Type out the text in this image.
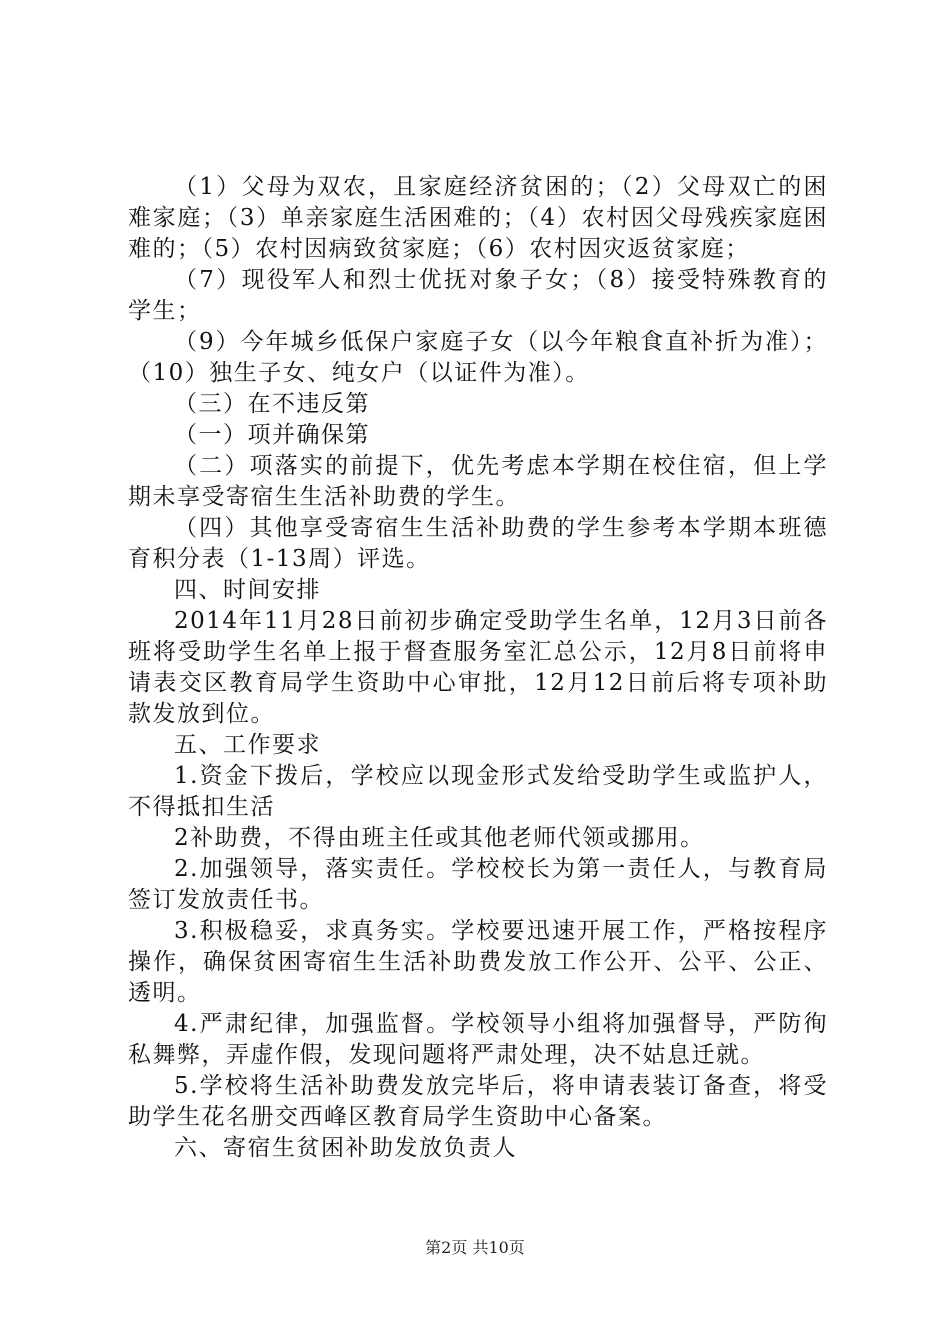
（1）父母为双农，且家庭经济贫困的；（2）父母双亡的困难家庭；（3）单亲家庭生活困难的；（4）农村因父母残疾家庭困难的；（5）农村因病致贫家庭；（6）农村因灾返贫家庭；

（7）现役军人和烈士优抚对象子女；（8）接受特殊教育的学生；

（9）今年城乡低保户家庭子女（以今年粮食直补折为准）；（10）独生子女、纯女户（以证件为准）。

（三）在不违反第

（一）项并确保第

（二）项落实的前提下，优先考虑本学期在校住宿，但上学期未享受寄宿生生活补助费的学生。

（四）其他享受寄宿生生活补助费的学生参考本学期本班德育积分表（1-13周）评选。

四、时间安排

2014年11月28日前初步确定受助学生名单，12月3日前各班将受助学生名单上报于督查服务室汇总公示，12月8日前将申请表交区教育局学生资助中心审批，12月12日前后将专项补助款发放到位。

五、工作要求

1.资金下拨后，学校应以现金形式发给受助学生或监护人，不得抵扣生活

2补助费，不得由班主任或其他老师代领或挪用。

2.加强领导，落实责任。学校校长为第一责任人，与教育局签订发放责任书。

3.积极稳妥，求真务实。学校要迅速开展工作，严格按程序操作，确保贫困寄宿生生活补助费发放工作公开、公平、公正、透明。

4.严肃纪律，加强监督。学校领导小组将加强督导，严防徇私舞弊，弄虚作假，发现问题将严肃处理，决不姑息迁就。

5.学校将生活补助费发放完毕后，将申请表装订备查，将受助学生花名册交西峰区教育局学生资助中心备案。

六、寄宿生贫困补助发放负责人

第2页 共10页
